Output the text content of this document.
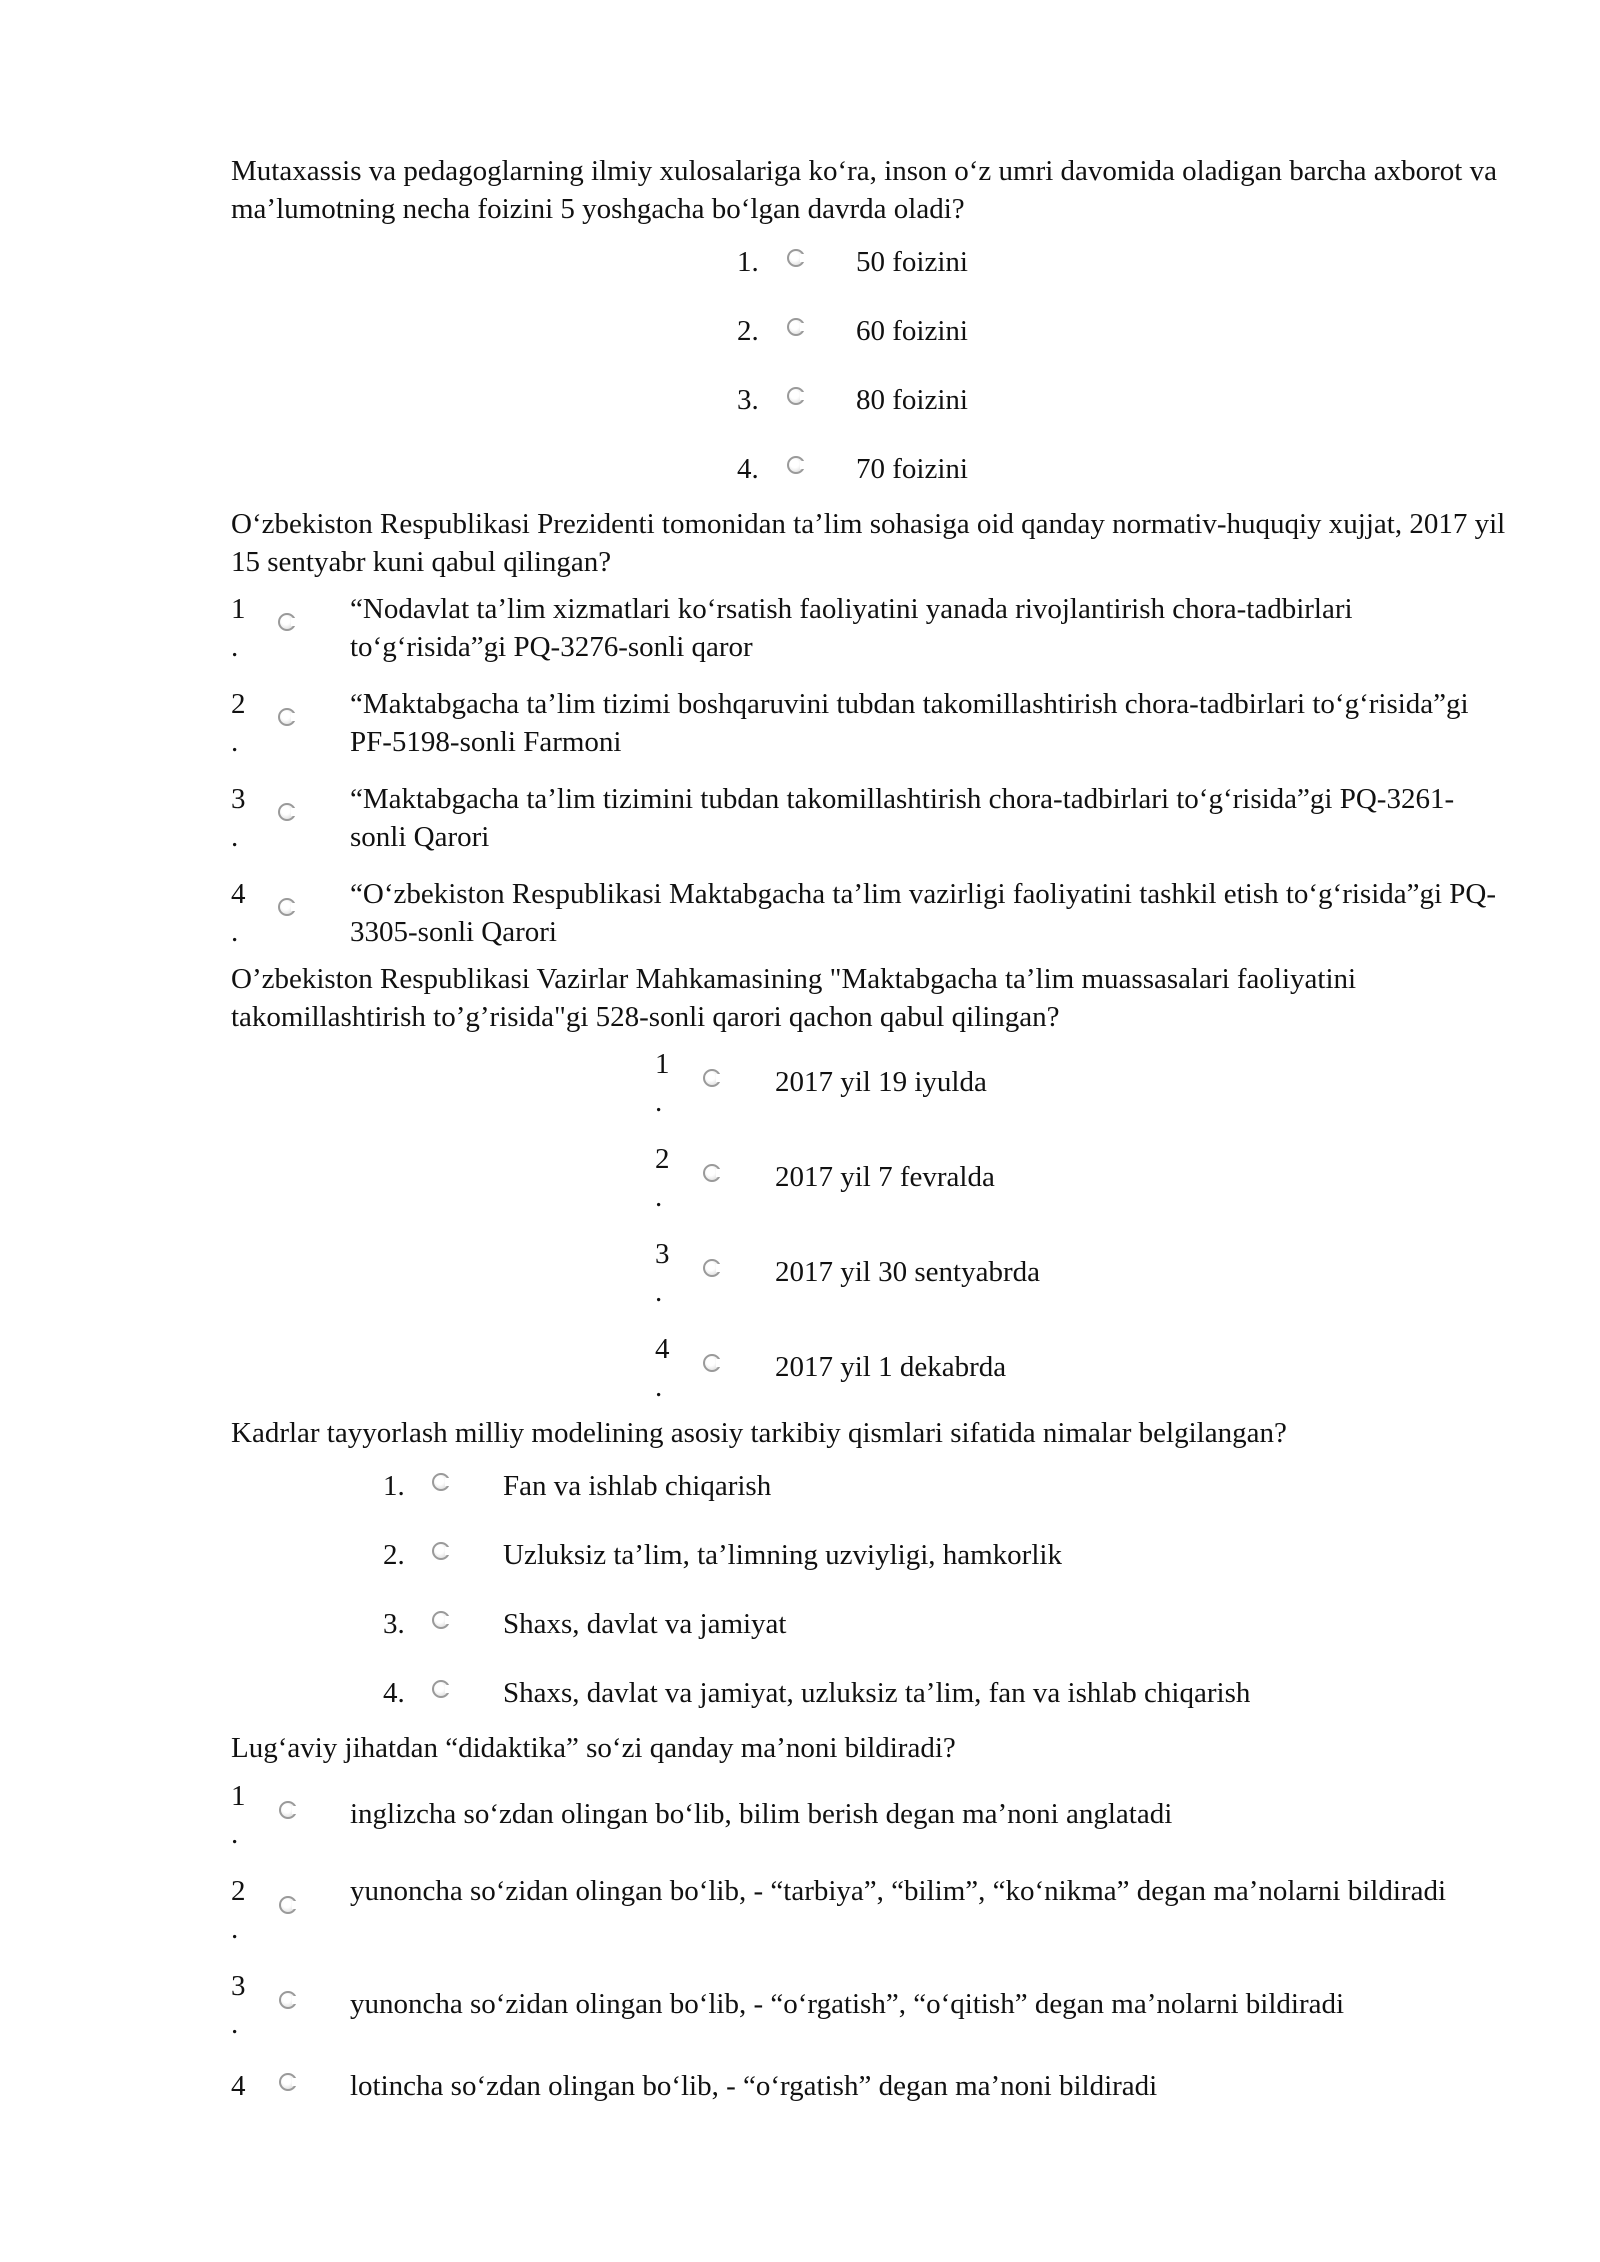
Mutaxassis va pedagoglarning ilmiy xulosalariga ko‘ra, inson o‘z umri davomida oladigan barcha axborot va ma’lumotning necha foizini 5 yoshgacha bo‘lgan davrda oladi?

1.	50 foizini
2.	60 foizini
3.	80 foizini
4.	70 foizini

O‘zbekiston Respublikasi Prezidenti tomonidan ta’lim sohasiga oid qanday normativ-huquqiy xujjat, 2017 yil 15 sentyabr kuni qabul qilingan?

1
.
“Nodavlat ta’lim xizmatlari ko‘rsatish faoliyatini yanada rivojlantirish chora-tadbirlari to‘g‘risida”gi PQ-3276-sonli qaror
2
.
“Maktabgacha ta’lim tizimi boshqaruvini tubdan takomillashtirish chora-tadbirlari to‘g‘risida”gi PF-5198-sonli Farmoni
3
.
“Maktabgacha ta’lim tizimini tubdan takomillashtirish chora-tadbirlari to‘g‘risida”gi PQ-3261-sonli Qarori
4
.
“O‘zbekiston Respublikasi Maktabgacha ta’lim vazirligi faoliyatini tashkil etish to‘g‘risida”gi PQ-3305-sonli Qarori

O’zbekiston Respublikasi Vazirlar Mahkamasining "Maktabgacha ta’lim muassasalari faoliyatini takomillashtirish to’g’risida"gi 528-sonli qarori qachon qabul qilingan?

1
.
2017 yil 19 iyulda
2
.
2017 yil 7 fevralda
3
.
2017 yil 30 sentyabrda
4
.
2017 yil 1 dekabrda

Kadrlar tayyorlash milliy modelining asosiy tarkibiy qismlari sifatida nimalar belgilangan?

1.	Fan va ishlab chiqarish
2.	Uzluksiz ta’lim, ta’limning uzviyligi, hamkorlik
3.	Shaxs, davlat va jamiyat
4.	Shaxs, davlat va jamiyat, uzluksiz ta’lim, fan va ishlab chiqarish

Lug‘aviy jihatdan “didaktika” so‘zi qanday ma’noni bildiradi?

1
.
inglizcha so‘zdan olingan bo‘lib, bilim berish degan ma’noni anglatadi
2
.
yunoncha so‘zidan olingan bo‘lib, - “tarbiya”, “bilim”, “ko‘nikma” degan ma’nolarni bildiradi
3
.
yunoncha so‘zidan olingan bo‘lib, - “o‘rgatish”, “o‘qitish” degan ma’nolarni bildiradi
4	lotincha so‘zdan olingan bo‘lib, - “o‘rgatish” degan ma’noni bildiradi
